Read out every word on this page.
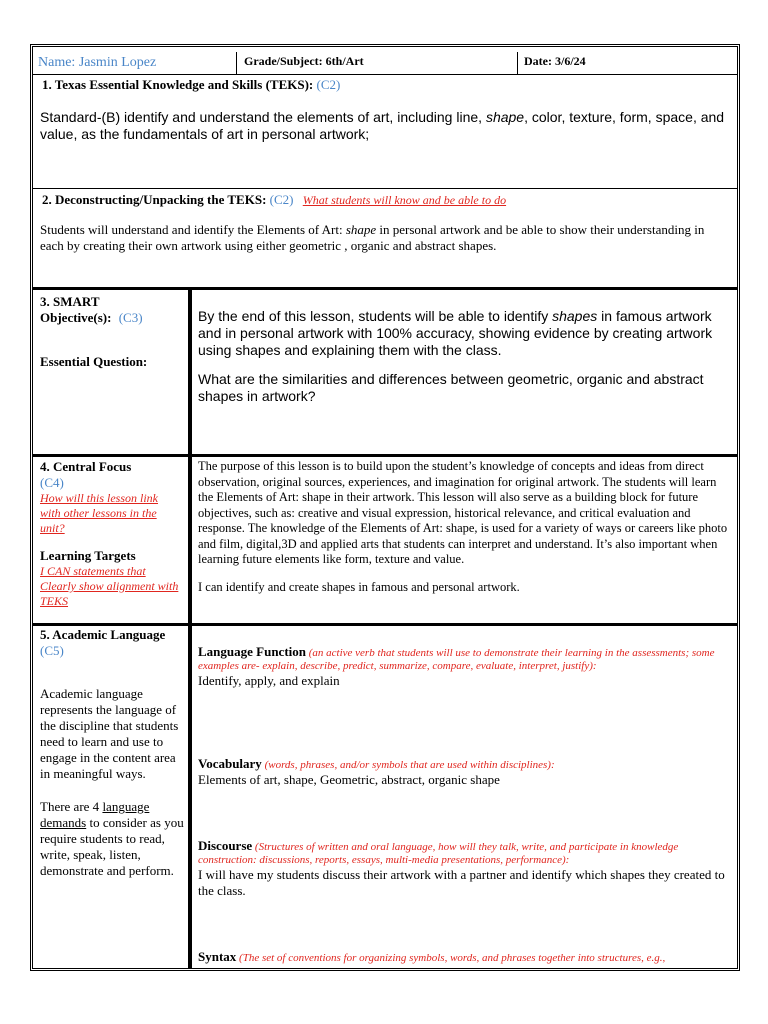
Name: Jasmin Lopez	Grade/Subject: 6th/Art	Date: 3/6/24
1. Texas Essential Knowledge and Skills (TEKS): (C2)

Standard-(B) identify and understand the elements of art, including line, shape, color, texture, form, space, and value, as the fundamentals of art in personal artwork;

2. Deconstructing/Unpacking the TEKS: (C2) What students will know and be able to do

Students will understand and identify the Elements of Art: shape in personal artwork and be able to show their understanding in each by creating their own artwork using either geometric , organic and abstract shapes.

3. SMART
Objective(s): (C3)
Essential Question:

By the end of this lesson, students will be able to identify shapes in famous artwork and in personal artwork with 100% accuracy, showing evidence by creating artwork using shapes and explaining them with the class.

What are the similarities and differences between geometric, organic and abstract shapes in artwork?

4. Central Focus
(C4)
How will this lesson link with other lessons in the unit?
Learning Targets
I CAN statements that Clearly show alignment with TEKS

The purpose of this lesson is to build upon the student’s knowledge of concepts and ideas from direct observation, original sources, experiences, and imagination for original artwork. The students will learn the Elements of Art: shape in their artwork. This lesson will also serve as a building block for future objectives, such as: creative and visual expression, historical relevance, and critical evaluation and response. The knowledge of the Elements of Art: shape, is used for a variety of ways or careers like photo and film, digital,3D and applied arts that students can interpret and understand. It’s also important when learning future elements like form, texture and value.

I can identify and create shapes in famous and personal artwork.

5. Academic Language
(C5)

Academic language represents the language of the discipline that students need to learn and use to engage in the content area in meaningful ways.

There are 4 language demands to consider as you require students to read, write, speak, listen, demonstrate and perform.

Language Function (an active verb that students will use to demonstrate their learning in the assessments; some examples are- explain, describe, predict, summarize, compare, evaluate, interpret, justify):

Identify, apply, and explain

Vocabulary (words, phrases, and/or symbols that are used within disciplines):

Elements of art, shape, Geometric, abstract, organic shape

Discourse (Structures of written and oral language, how will they talk, write, and participate in knowledge construction: discussions, reports, essays, multi-media presentations, performance):

I will have my students discuss their artwork with a partner and identify which shapes they created to the class.

Syntax (The set of conventions for organizing symbols, words, and phrases together into structures, e.g.,
